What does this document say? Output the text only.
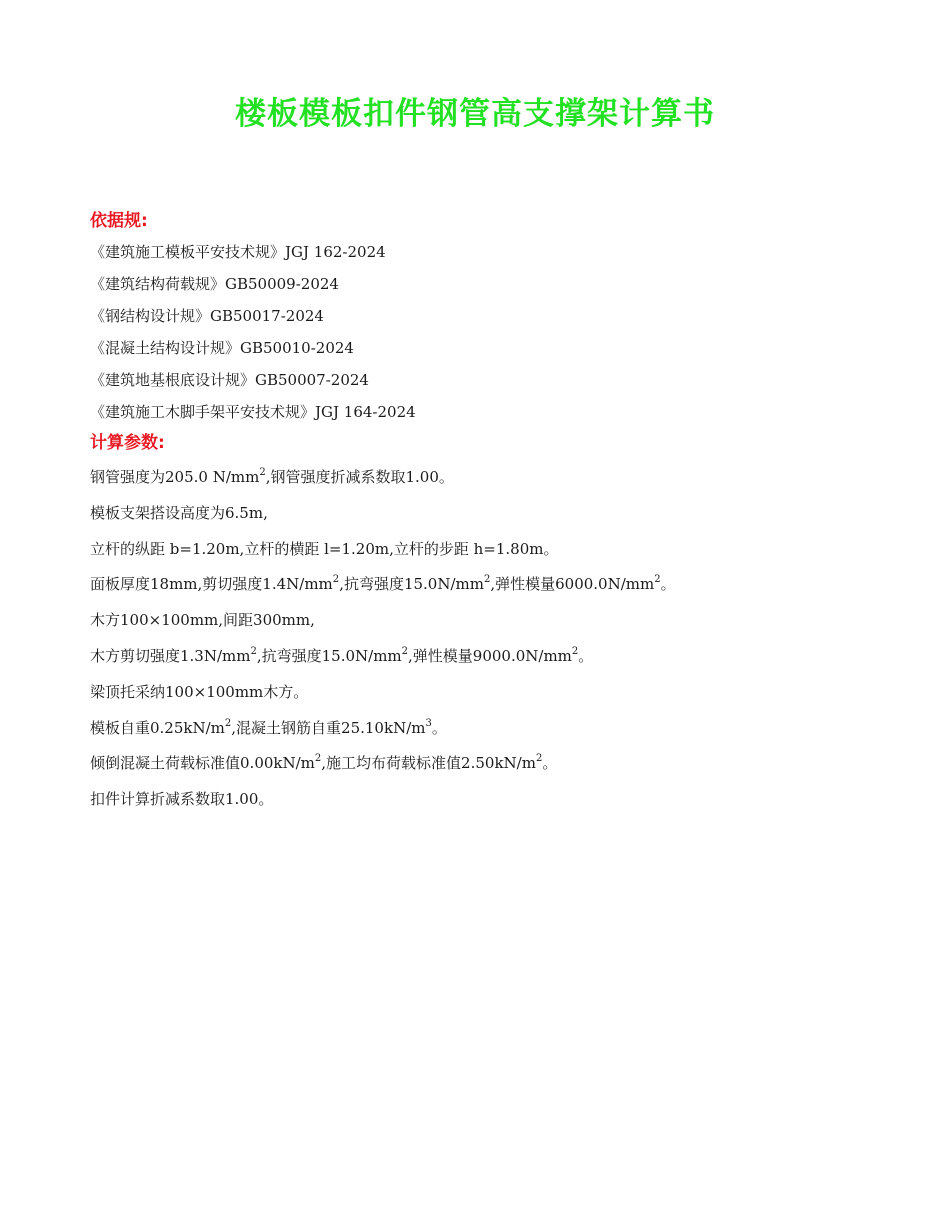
楼板模板扣件钢管高支撑架计算书
依据规:
《建筑施工模板平安技术规》JGJ 162-2024
《建筑结构荷载规》GB50009-2024
《钢结构设计规》GB50017-2024
《混凝土结构设计规》GB50010-2024
《建筑地基根底设计规》GB50007-2024
《建筑施工木脚手架平安技术规》JGJ 164-2024
计算参数:
钢管强度为205.0 $N/mm^2$,钢管强度折减系数取1.00。
模板支架搭设高度为6.5m,
立杆的纵距 b=1.20m,立杆的横距 l=1.20m,立杆的步距 h=1.80m。
面板厚度18mm,剪切强度$1.4N/mm^2$,抗弯强度$15.0N/mm^2$,弹性模量$6000.0N/mm^2$。
木方100×100mm,间距300mm,
木方剪切强度$1.3N/mm^2$,抗弯强度$15.0N/mm^2$,弹性模量$9000.0N/mm^2$。
梁顶托采纳100×100mm木方。
模板自重$0.25kN/m^2$,混凝土钢筋自重$25.10kN/m^3$。
倾倒混凝土荷载标准值$0.00kN/m^2$,施工均布荷载标准值$2.50kN/m^2$。
扣件计算折减系数取1.00。
